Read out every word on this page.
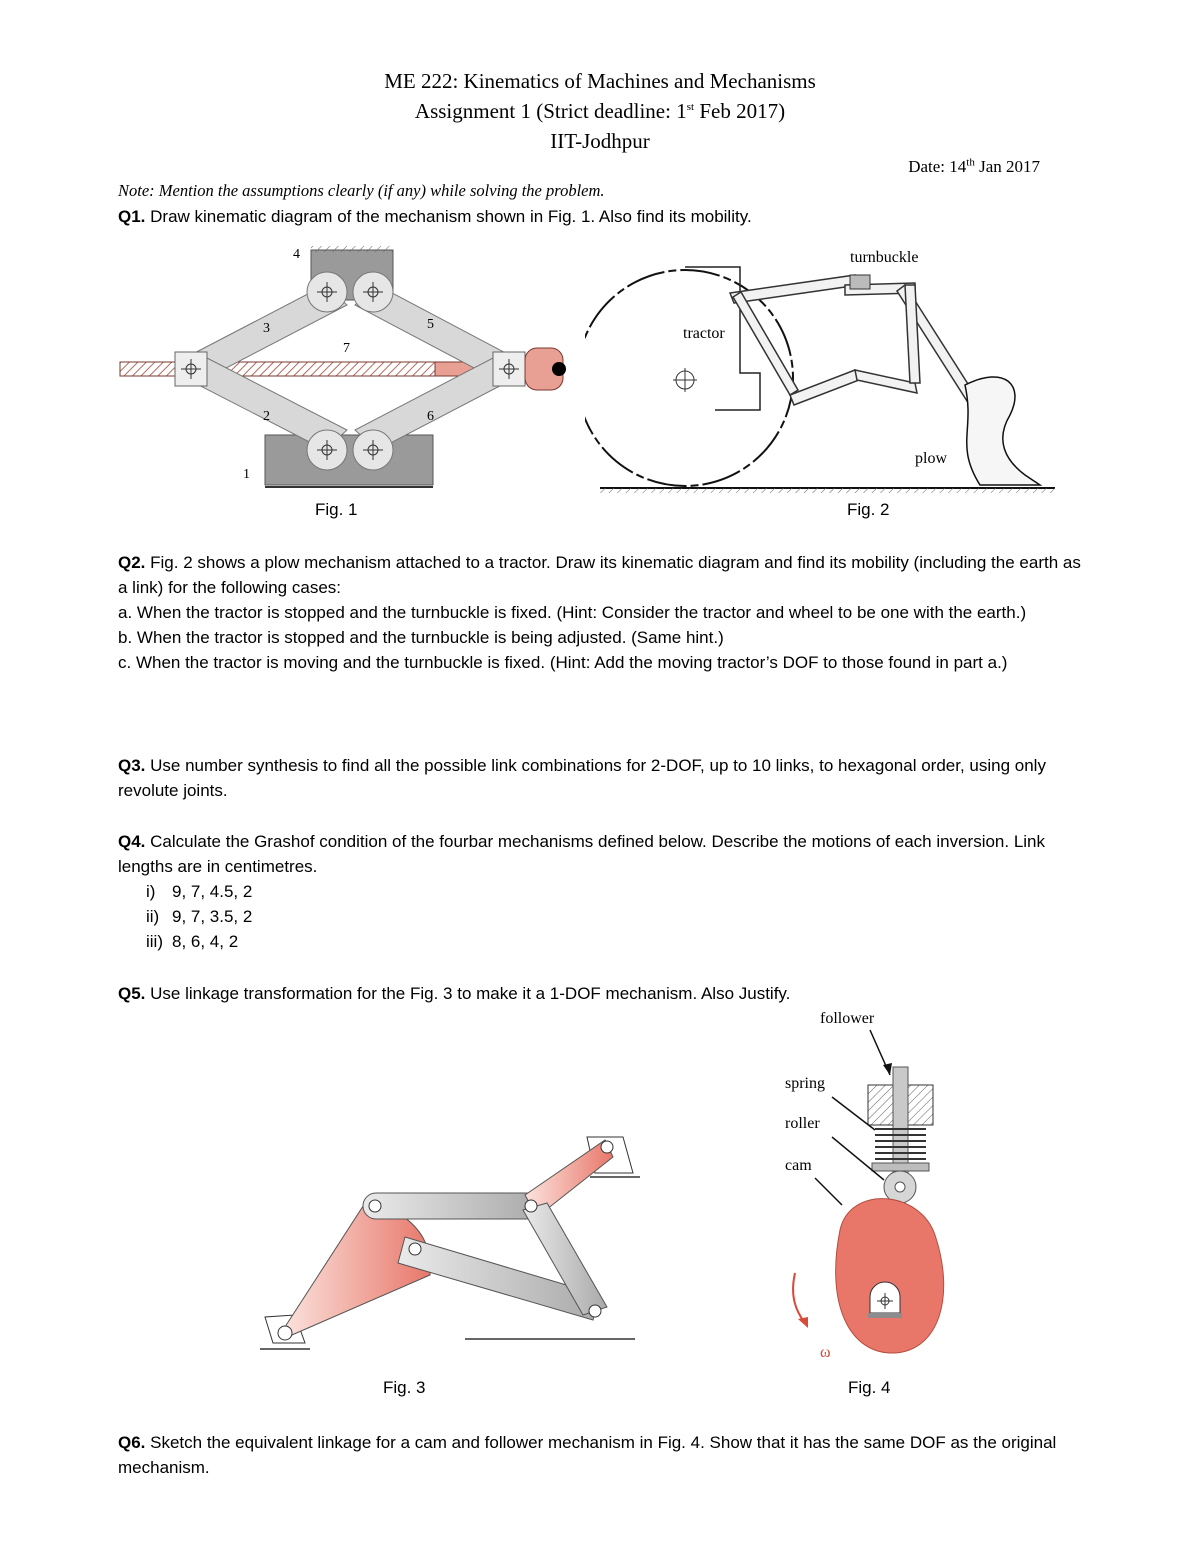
ME 222: Kinematics of Machines and Mechanisms
Assignment 1 (Strict deadline: 1st Feb 2017)
IIT-Jodhpur
Date: 14th Jan 2017
Note: Mention the assumptions clearly (if any) while solving the problem.
Q1. Draw kinematic diagram of the mechanism shown in Fig. 1. Also find its mobility.
1
2
3
4
5
6
7
Fig. 1
turnbuckle
tractor
plow
Fig. 2
Q2. Fig. 2 shows a plow mechanism attached to a tractor. Draw its kinematic diagram and find its mobility (including the earth as a link) for the following cases:
a. When the tractor is stopped and the turnbuckle is fixed. (Hint: Consider the tractor and wheel to be one with the earth.)
b. When the tractor is stopped and the turnbuckle is being adjusted. (Same hint.)
c. When the tractor is moving and the turnbuckle is fixed. (Hint: Add the moving tractor’s DOF to those found in part a.)
Q3. Use number synthesis to find all the possible link combinations for 2-DOF, up to 10 links, to hexagonal order, using only revolute joints.
Q4. Calculate the Grashof condition of the fourbar mechanisms defined below. Describe the motions of each inversion. Link lengths are in centimetres.
i) 9, 7, 4.5, 2
ii) 9, 7, 3.5, 2
iii) 8, 6, 4, 2
Q5. Use linkage transformation for the Fig. 3 to make it a 1-DOF mechanism. Also Justify.
Fig. 3
follower
spring
roller
cam
ω
Fig. 4
Q6. Sketch the equivalent linkage for a cam and follower mechanism in Fig. 4. Show that it has the same DOF as the original mechanism.
